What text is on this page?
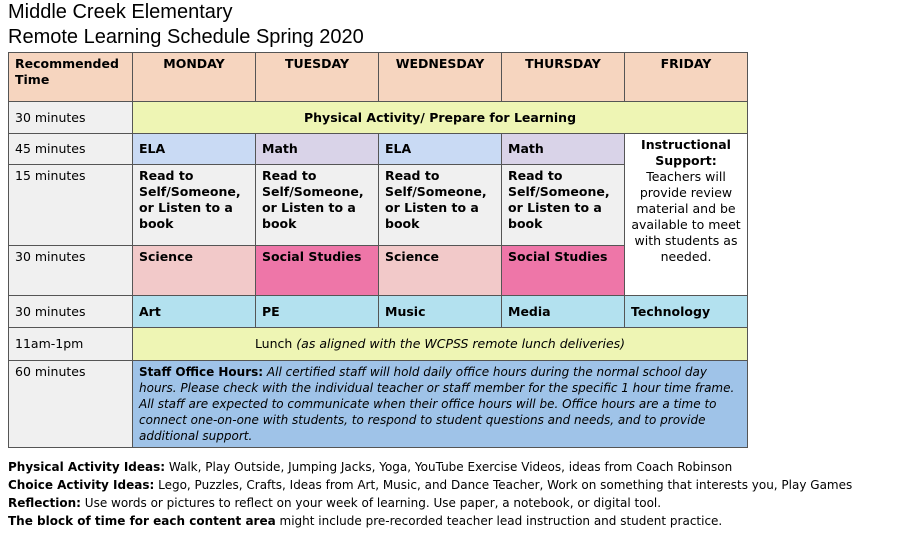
Middle Creek Elementary
Remote Learning Schedule Spring 2020
Recommended Time	MONDAY	TUESDAY	WEDNESDAY	THURSDAY	FRIDAY
30 minutes	Physical Activity/ Prepare for Learning				
45 minutes	ELA	Math	ELA	Math	Instructional Support:
Teachers will provide review material and be available to meet with students as needed.

15 minutes	Read to Self/Someone, or Listen to a book	Read to Self/Someone, or Listen to a book	Read to Self/Someone, or Listen to a book	Read to Self/Someone, or Listen to a book	
30 minutes	Science	Social Studies	Science	Social Studies	
30 minutes	Art	PE	Music	Media	Technology
11am-1pm	Lunch (as aligned with the WCPSS remote lunch deliveries)				
60 minutes	Staff Office Hours: All certified staff will hold daily office hours during the normal school day hours. Please check with the individual teacher or staff member for the specific 1 hour time frame. All staff are expected to communicate when their office hours will be. Office hours are a time to connect one-on-one with students, to respond to student questions and needs, and to provide additional support.				
Physical Activity Ideas: Walk, Play Outside, Jumping Jacks, Yoga, YouTube Exercise Videos, ideas from Coach Robinson
Choice Activity Ideas: Lego, Puzzles, Crafts, Ideas from Art, Music, and Dance Teacher, Work on something that interests you, Play Games
Reflection: Use words or pictures to reflect on your week of learning. Use paper, a notebook, or digital tool.
The block of time for each content area might include pre-recorded teacher lead instruction and student practice.
